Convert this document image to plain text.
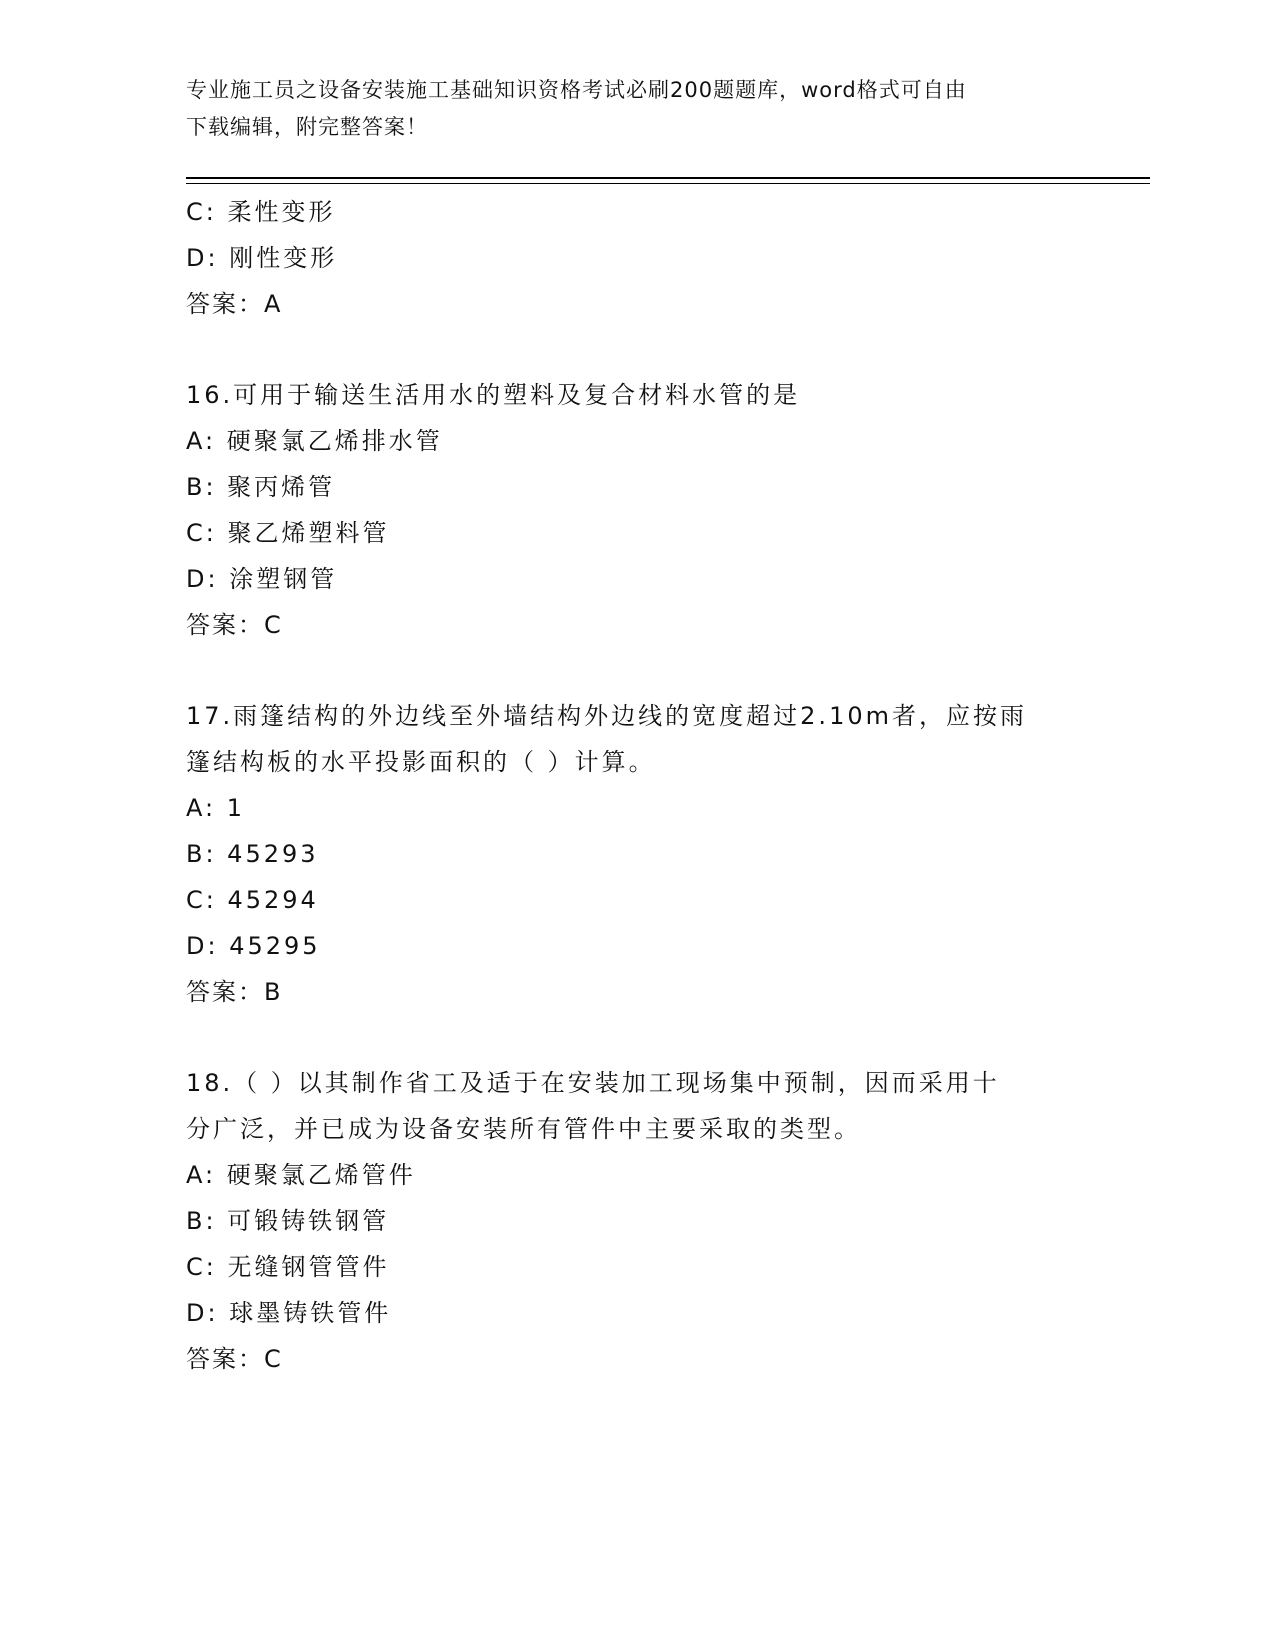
专业施工员之设备安装施工基础知识资格考试必刷200题题库，word格式可自由
下载编辑，附完整答案！
C: 柔性变形
D: 刚性变形
答案：A
16.可用于输送生活用水的塑料及复合材料水管的是
A: 硬聚氯乙烯排水管
B: 聚丙烯管
C: 聚乙烯塑料管
D: 涂塑钢管
答案：C
17.雨篷结构的外边线至外墙结构外边线的宽度超过2.10m者，应按雨
篷结构板的水平投影面积的（ ）计算。
A: 1
B: 45293
C: 45294
D: 45295
答案：B
18.（ ）以其制作省工及适于在安装加工现场集中预制，因而采用十
分广泛，并已成为设备安装所有管件中主要采取的类型。
A: 硬聚氯乙烯管件
B: 可锻铸铁钢管
C: 无缝钢管管件
D: 球墨铸铁管件
答案：C
